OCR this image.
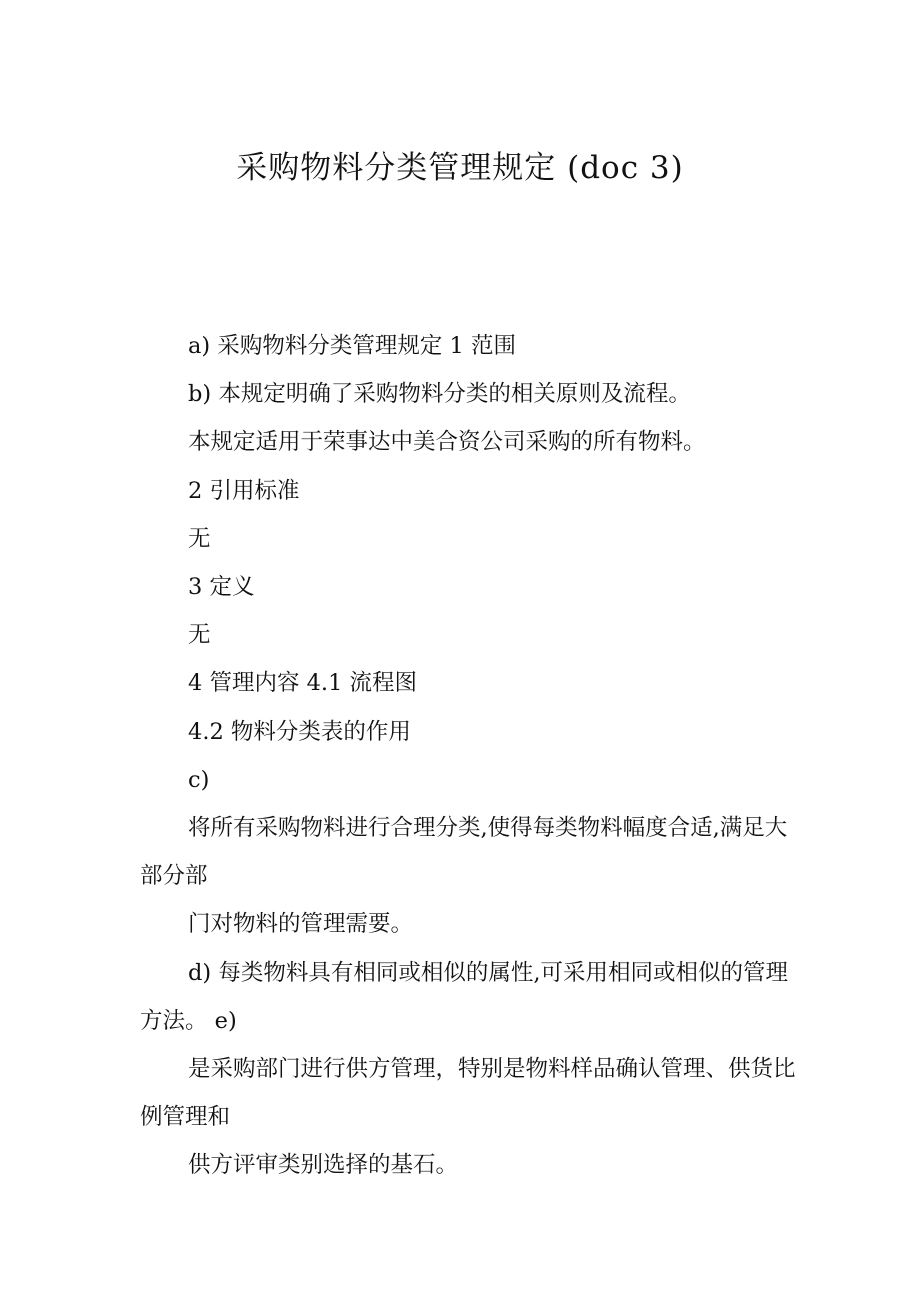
采购物料分类管理规定 (doc 3)

a) 采购物料分类管理规定 1 范围

b) 本规定明确了采购物料分类的相关原则及流程。

本规定适用于荣事达中美合资公司采购的所有物料。

2 引用标准

无

3 定义

无

4 管理内容 4.1 流程图

4.2 物料分类表的作用

c)

将所有采购物料进行合理分类,使得每类物料幅度合适,满足大部分部

门对物料的管理需要。

d) 每类物料具有相同或相似的属性,可采用相同或相似的管理方法。 e)

是采购部门进行供方管理，特别是物料样品确认管理、供货比例管理和

供方评审类别选择的基石。
